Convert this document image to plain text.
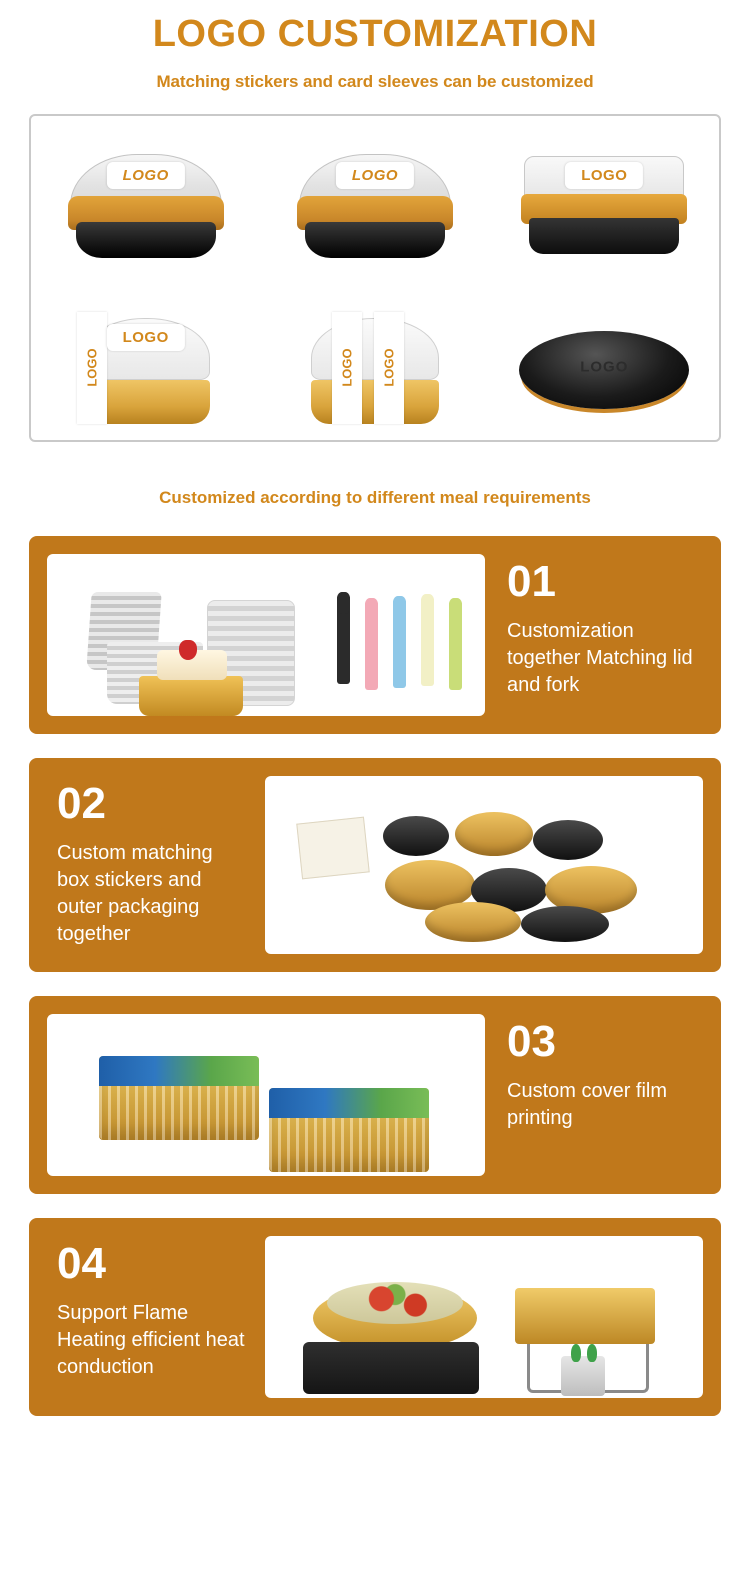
LOGO CUSTOMIZATION
Matching stickers and card sleeves can be customized
LOGO	LOGO	LOGO
LOGO
LOGO
LOGO LOGO	LOGO
Customized according to different meal requirements
01
Customization together Matching lid and fork
02
Custom matching box stickers and outer packaging together
03
Custom cover film printing
04
Support Flame Heating efficient heat conduction
